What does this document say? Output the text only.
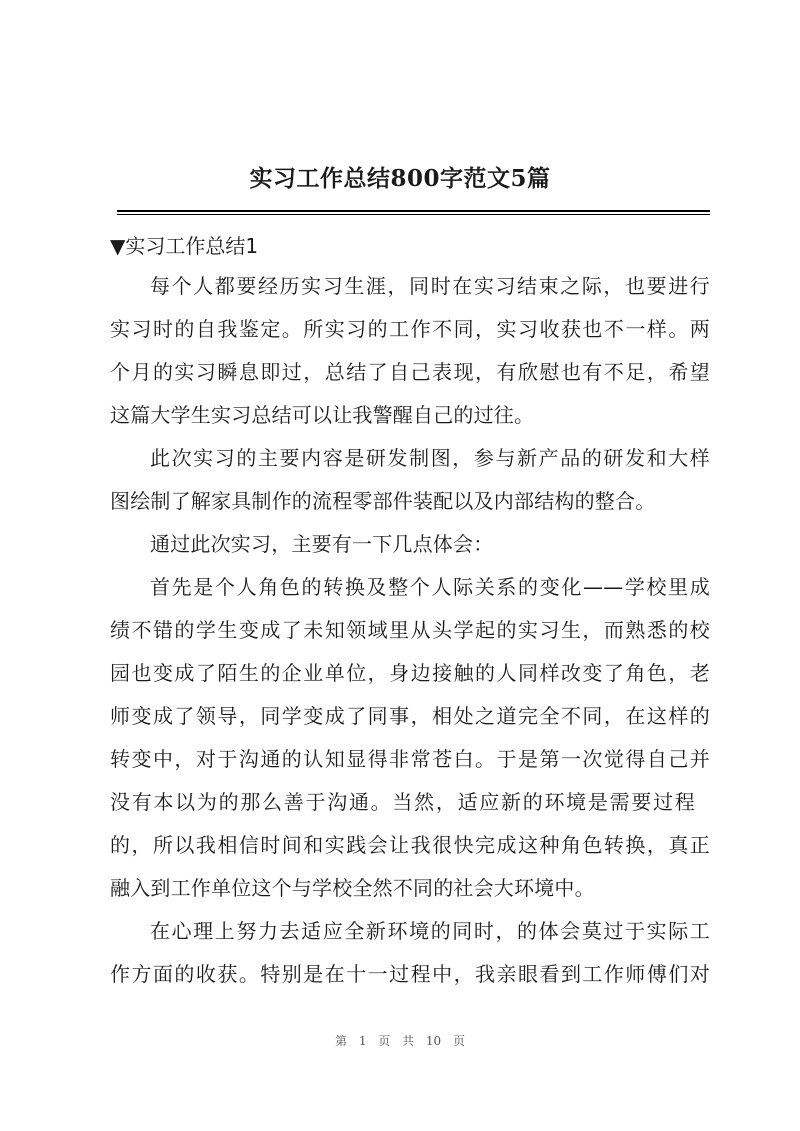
实习工作总结800字范文5篇
▼实习工作总结1
每个人都要经历实习生涯，同时在实习结束之际，也要进行
实习时的自我鉴定。所实习的工作不同，实习收获也不一样。两
个月的实习瞬息即过，总结了自己表现，有欣慰也有不足，希望
这篇大学生实习总结可以让我警醒自己的过往。
此次实习的主要内容是研发制图，参与新产品的研发和大样
图绘制了解家具制作的流程零部件装配以及内部结构的整合。
通过此次实习，主要有一下几点体会：
首先是个人角色的转换及整个人际关系的变化——学校里成
绩不错的学生变成了未知领域里从头学起的实习生，而熟悉的校
园也变成了陌生的企业单位，身边接触的人同样改变了角色，老
师变成了领导，同学变成了同事，相处之道完全不同，在这样的
转变中，对于沟通的认知显得非常苍白。于是第一次觉得自己并
没有本以为的那么善于沟通。当然，适应新的环境是需要过程
的，所以我相信时间和实践会让我很快完成这种角色转换，真正
融入到工作单位这个与学校全然不同的社会大环境中。
在心理上努力去适应全新环境的同时，的体会莫过于实际工
作方面的收获。特别是在十一过程中，我亲眼看到工作师傅们对
第 1 页 共 10 页
